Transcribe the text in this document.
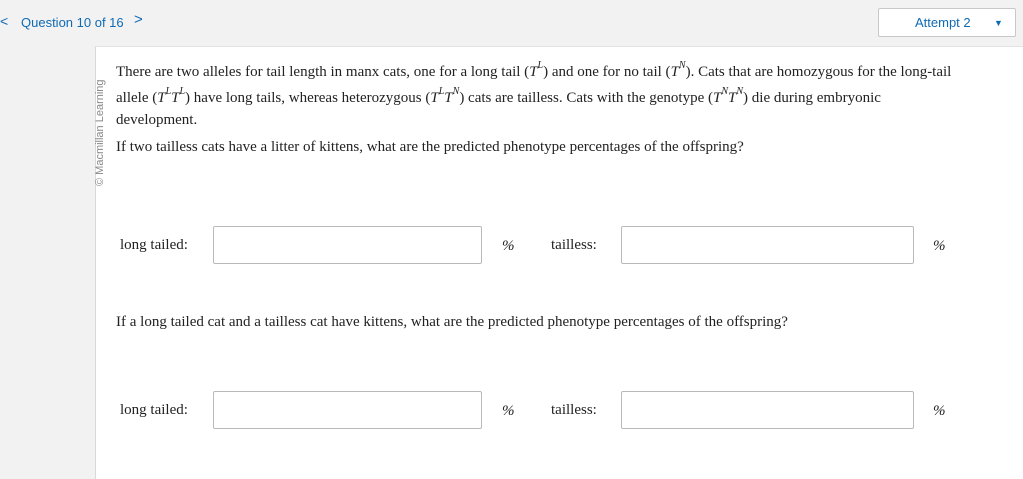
< Question 10 of 16 >	Attempt 2	▼
© Macmillan Learning

There are two alleles for tail length in manx cats, one for a long tail $(T^L)$ and one for no tail $(T^N)$. Cats that are homozygous for the long-tail allele $(T^LT^L)$ have long tails, whereas heterozygous $(T^LT^N)$ cats are tailless. Cats with the genotype $(T^NT^N)$ die during embryonic development.

If two tailless cats have a litter of kittens, what are the predicted phenotype percentages of the offspring?

long tailed:	% tailless:	%

If a long tailed cat and a tailless cat have kittens, what are the predicted phenotype percentages of the offspring?

long tailed:	% tailless:	%
